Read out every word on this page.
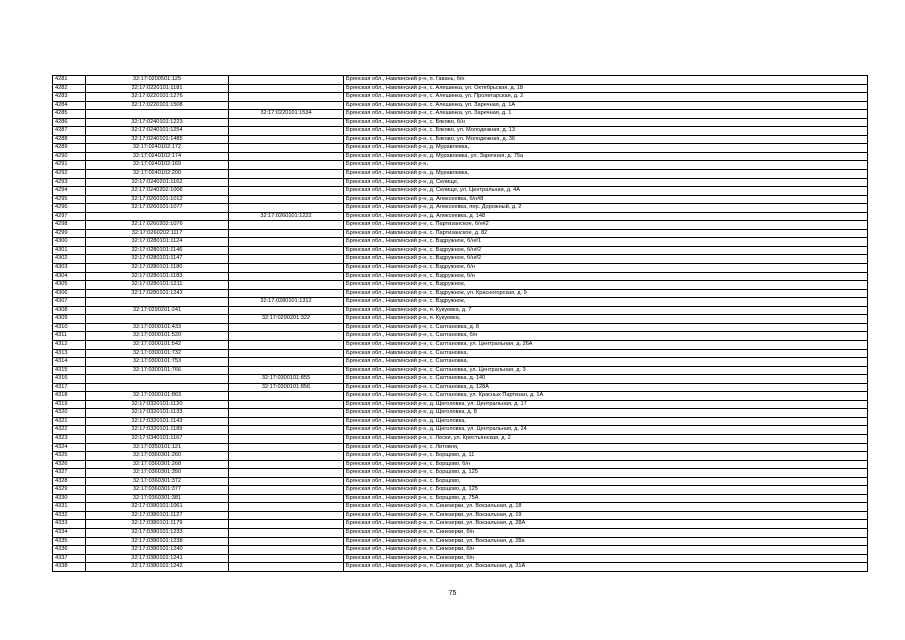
4281	32:17:0200501:125		Брянская обл., Навлинский р-н, п. Гавань, б/н
4282	32:17:0220101:1181		Брянская обл., Навлинский р-н, с. Алешинка, ул. Октябрьская, д. 18
4283	32:17:0220101:1276		Брянская обл., Навлинский р-н, с. Алешинка, ул. Пролетарская, д. 2
4284	32:17:0220101:1508		Брянская обл., Навлинский р-н, с. Алешинка, ул. Заречная, д. 1А
4285		32:17:0220101:1534	Брянская обл., Навлинский р-н, с. Алешинка, ул. Заречная, д. 1
4286	32:17:0240101:1223		Брянская обл., Навлинский р-н, с. Бяково, б/н
4287	32:17:0240101:1254		Брянская обл., Навлинский р-н, с. Бяково, ул. Молодежная, д. 13
4288	32:17:0240101:1485		Брянская обл., Навлинский р-н, с. Бяково, ул. Молодежная, д. 36
4289	32:17:0240102:172		Брянская обл., Навлинский р-н, д. Муравлевка,
4290	32:17:0240102:174		Брянская обл., Навлинский р-н, д. Муравлевка, ул. Заречная, д. 75а
4291	32:17:0240102:169		Брянская обл., Навлинский р-н,
4292	32:17:0240102:200		Брянская обл., Навлинский р-н, д. Муравлевка,
4293	32:17:0240201:1162		Брянская обл., Навлинский р-н, д. Селище,
4294	32:17:0240202:1006		Брянская обл., Навлинский р-н, д. Селище, ул. Центральная, д. 4А
4295	32:17:0260101:1012		Брянская обл., Навлинский р-н, д. Алексеевка, б/н#8
4296	32:17:0260101:1077		Брянская обл., Навлинский р-н, д. Алексеевка, пер. Дорожный, д. 2
4297		32:17:0260101:1222	Брянская обл., Навлинский р-н, д. Алексеевка, д. 148
4298	32:17:0260202:1076		Брянская обл., Навлинский р-н, с. Партизанское, б/н#2
4299	32:17:0260202:1117		Брянская обл., Навлинский р-н, с. Партизанское, д. 82
4300	32:17:0280101:1124		Брянская обл., Навлинский р-н, с. Вздружное, б/н#1
4301	32:17:0280101:1146		Брянская обл., Навлинский р-н, с. Вздружное, б/н#2
4302	32:17:0280101:1147		Брянская обл., Навлинский р-н, с. Вздружное, б/н#2
4303	32:17:0280101:1180		Брянская обл., Навлинский р-н, с. Вздружное, б/н
4304	32:17:0280101:1183		Брянская обл., Навлинский р-н, с. Вздружное, б/н
4305	32:17:0280101:1211		Брянская обл., Навлинский р-н, с. Вздружное,
4306	32:17:0280101:1243		Брянская обл., Навлинский р-н, с. Вздружное, ул. Красногорская, д. 9
4307		32:17:0280101:1312	Брянская обл., Навлинский р-н, с. Вздружное,
4308	32:17:0290201:241		Брянская обл., Навлинский р-н, п. Кукуевка, д. 7
4309		32:17:0290201:322	Брянская обл., Навлинский р-н, п. Кукуевка,
4310	32:17:0300101:433		Брянская обл., Навлинский р-н, с. Салтановка, д. 8
4311	32:17:0300101:520		Брянская обл., Навлинский р-н, с. Салтановка, б/н
4312	32:17:0300101:542		Брянская обл., Навлинский р-н, с. Салтановка, ул. Центральная, д. 26А
4313	32:17:0300101:732		Брянская обл., Навлинский р-н, с. Салтановка,
4314	32:17:0300101:753		Брянская обл., Навлинский р-н, с. Салтановка,
4315	32:17:0300101:766		Брянская обл., Навлинский р-н, с. Салтановка, ул. Центральная, д. 3
4316		32:17:0300101:855	Брянская обл., Навлинский р-н, с. Салтановка, д. 140
4317		32:17:0300101:856	Брянская обл., Навлинский р-н, с. Салтановка, д. 128А
4318	32:17:0300101:863		Брянская обл., Навлинский р-н, с. Салтановка, ул. Красных Партизан, д. 1А
4319	32:17:0320101:1120		Брянская обл., Навлинский р-н, д. Щеголовка, ул. Центральная, д. 17
4320	32:17:0320101:1133		Брянская обл., Навлинский р-н, д. Щеголовка, д. 8
4321	32:17:0320101:1143		Брянская обл., Навлинский р-н, д. Щеголовка,
4322	32:17:0320101:1189		Брянская обл., Навлинский р-н, д. Щеголовка, ул. Центральная, д. 24
4323	32:17:0340101:1167		Брянская обл., Навлинский р-н, с. Лески, ул. Крестьянская, д. 2
4324	32:17:0350101:121		Брянская обл., Навлинский р-н, с. Литовня,
4325	32:17:0360301:260		Брянская обл., Навлинский р-н, с. Борщово, д. 11
4326	32:17:0360301:268		Брянская обл., Навлинский р-н, с. Борщово, б/н
4327	32:17:0360301:350		Брянская обл., Навлинский р-н, с. Борщово, д. 125
4328	32:17:0360301:372		Брянская обл., Навлинский р-н, с. Борщово,
4329	32:17:0360301:377		Брянская обл., Навлинский р-н, с. Борщово, д. 125
4330	32:17:0360301:381		Брянская обл., Навлинский р-н, с. Борщово, д. 75А
4331	32:17:0380101:1061		Брянская обл., Навлинский р-н, п. Синезерки, ул. Вокзальная, д. 18
4332	32:17:0380101:1127		Брянская обл., Навлинский р-н, п. Синезерки, ул. Вокзальная, д. 19
4333	32:17:0380101:1179		Брянская обл., Навлинский р-н, п. Синезерки, ул. Вокзальная, д. 28А
4334	32:17:0380101:1233		Брянская обл., Навлинский р-н, п. Синезерки, б/н
4335	32:17:0380101:1238		Брянская обл., Навлинский р-н, п. Синезерки, ул. Вокзальная, д. 28а
4336	32:17:0380101:1240		Брянская обл., Навлинский р-н, п. Синезерки, б/н
4337	32:17:0380101:1241		Брянская обл., Навлинский р-н, п. Синезерки, б/н
4338	32:17:0380101:1242		Брянская обл., Навлинский р-н, п. Синезерки, ул. Вокзальная, д. 31А
75
